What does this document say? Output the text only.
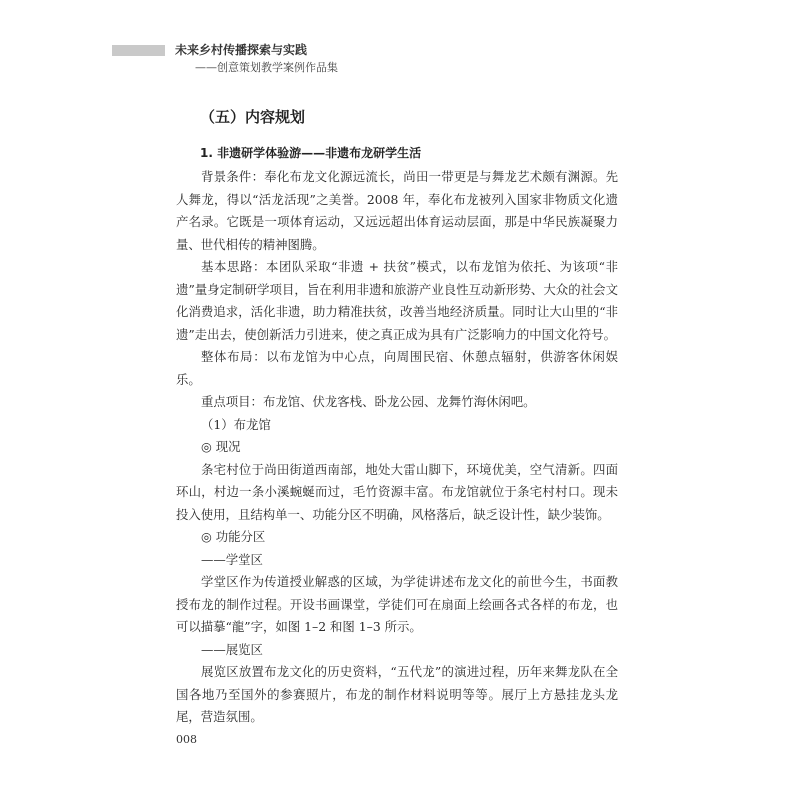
未来乡村传播探索与实践
——创意策划教学案例作品集
（五）内容规划
1. 非遗研学体验游——非遗布龙研学生活

背景条件：奉化布龙文化源远流长，尚田一带更是与舞龙艺术颇有渊源。先人舞龙，得以“活龙活现”之美誉。2008 年，奉化布龙被列入国家非物质文化遗产名录。它既是一项体育运动，又远远超出体育运动层面，那是中华民族凝聚力量、世代相传的精神图腾。

基本思路：本团队采取“非遗 + 扶贫”模式，以布龙馆为依托、为该项“非遗”量身定制研学项目，旨在利用非遗和旅游产业良性互动新形势、大众的社会文化消费追求，活化非遗，助力精准扶贫，改善当地经济质量。同时让大山里的“非遗”走出去，使创新活力引进来，使之真正成为具有广泛影响力的中国文化符号。

整体布局：以布龙馆为中心点，向周围民宿、休憩点辐射，供游客休闲娱乐。

重点项目：布龙馆、伏龙客栈、卧龙公园、龙舞竹海休闲吧。

（1）布龙馆

◎ 现况

条宅村位于尚田街道西南部，地处大雷山脚下，环境优美，空气清新。四面环山，村边一条小溪蜿蜒而过，毛竹资源丰富。布龙馆就位于条宅村村口。现未投入使用，且结构单一、功能分区不明确，风格落后，缺乏设计性，缺少装饰。

◎ 功能分区

——学堂区

学堂区作为传道授业解惑的区域，为学徒讲述布龙文化的前世今生，书面教授布龙的制作过程。开设书画课堂，学徒们可在扇面上绘画各式各样的布龙，也可以描摹“龍”字，如图 1–2 和图 1–3 所示。

——展览区

展览区放置布龙文化的历史资料，“五代龙”的演进过程，历年来舞龙队在全国各地乃至国外的参赛照片，布龙的制作材料说明等等。展厅上方悬挂龙头龙尾，营造氛围。

008
